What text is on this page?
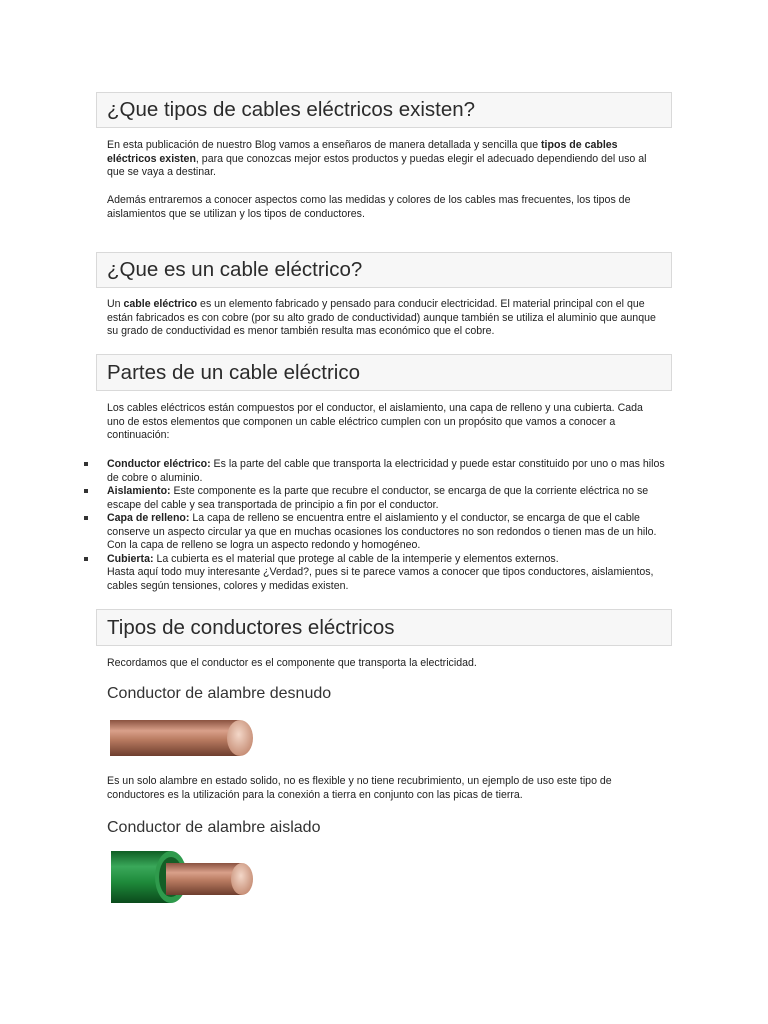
¿Que tipos de cables eléctricos existen?

En esta publicación de nuestro Blog vamos a enseñaros de manera detallada y sencilla que tipos de cables eléctricos existen, para que conozcas mejor estos productos y puedas elegir el adecuado dependiendo del uso al que se vaya a destinar.

Además entraremos a conocer aspectos como las medidas y colores de los cables mas frecuentes, los tipos de aislamientos que se utilizan y los tipos de conductores.

¿Que es un cable eléctrico?

Un cable eléctrico es un elemento fabricado y pensado para conducir electricidad. El material principal con el que están fabricados es con cobre (por su alto grado de conductividad) aunque también se utiliza el aluminio que aunque su grado de conductividad es menor también resulta mas económico que el cobre.

Partes de un cable eléctrico

Los cables eléctricos están compuestos por el conductor, el aislamiento, una capa de relleno y una cubierta. Cada uno de estos elementos que componen un cable eléctrico cumplen con un propósito que vamos a conocer a continuación:

Conductor eléctrico: Es la parte del cable que transporta la electricidad y puede estar constituido por uno o mas hilos de cobre o aluminio.
Aislamiento: Este componente es la parte que recubre el conductor, se encarga de que la corriente eléctrica no se escape del cable y sea transportada de principio a fin por el conductor.
Capa de relleno: La capa de relleno se encuentra entre el aislamiento y el conductor, se encarga de que el cable conserve un aspecto circular ya que en muchas ocasiones los conductores no son redondos o tienen mas de un hilo. Con la capa de relleno se logra un aspecto redondo y homogéneo.
Cubierta: La cubierta es el material que protege al cable de la intemperie y elementos externos.
Hasta aquí todo muy interesante ¿Verdad?, pues si te parece vamos a conocer que tipos conductores, aislamientos, cables según tensiones, colores y medidas existen.
Tipos de conductores eléctricos

Recordamos que el conductor es el componente que transporta la electricidad.

Conductor de alambre desnudo

Es un solo alambre en estado solido, no es flexible y no tiene recubrimiento, un ejemplo de uso este tipo de conductores es la utilización para la conexión a tierra en conjunto con las picas de tierra.

Conductor de alambre aislado
